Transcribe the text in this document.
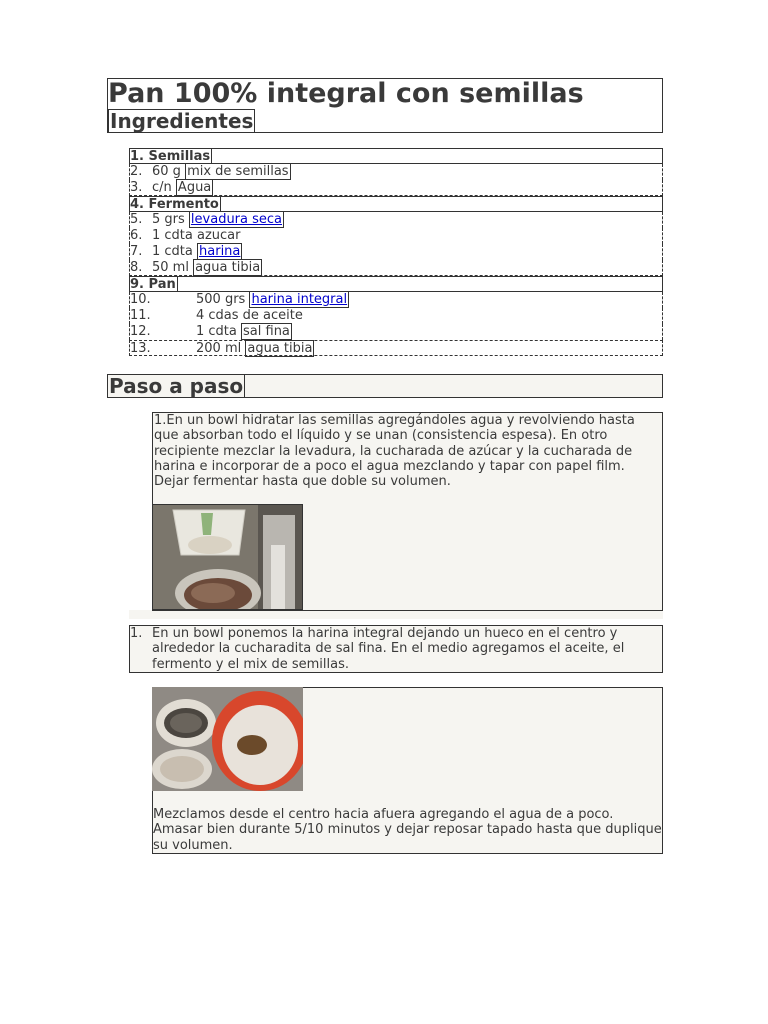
Pan 100% integral con semillas
Ingredientes
1. Semillas
2. 60 g mix de semillas
3. c/n Agua
4. Fermento
5. 5 grs levadura seca
6. 1 cdta azucar
7. 1 cdta harina
8. 50 ml agua tibia
9. Pan
10.	500 grs harina integral
11.	4 cdas de aceite
12.	1 cdta sal fina
13.	200 ml agua tibia
Paso a paso
1.En un bowl hidratar las semillas agregándoles agua y revolviendo hasta que absorban todo el líquido y se unan (consistencia espesa). En otro recipiente mezclar la levadura, la cucharada de azúcar y la cucharada de harina e incorporar de a poco el agua mezclando y tapar con papel film. Dejar fermentar hasta que doble su volumen.
1. En un bowl ponemos la harina integral dejando un hueco en el centro y alrededor la cucharadita de sal fina. En el medio agregamos el aceite, el fermento y el mix de semillas.
Mezclamos desde el centro hacia afuera agregando el agua de a poco. Amasar bien durante 5/10 minutos y dejar reposar tapado hasta que duplique su volumen.
